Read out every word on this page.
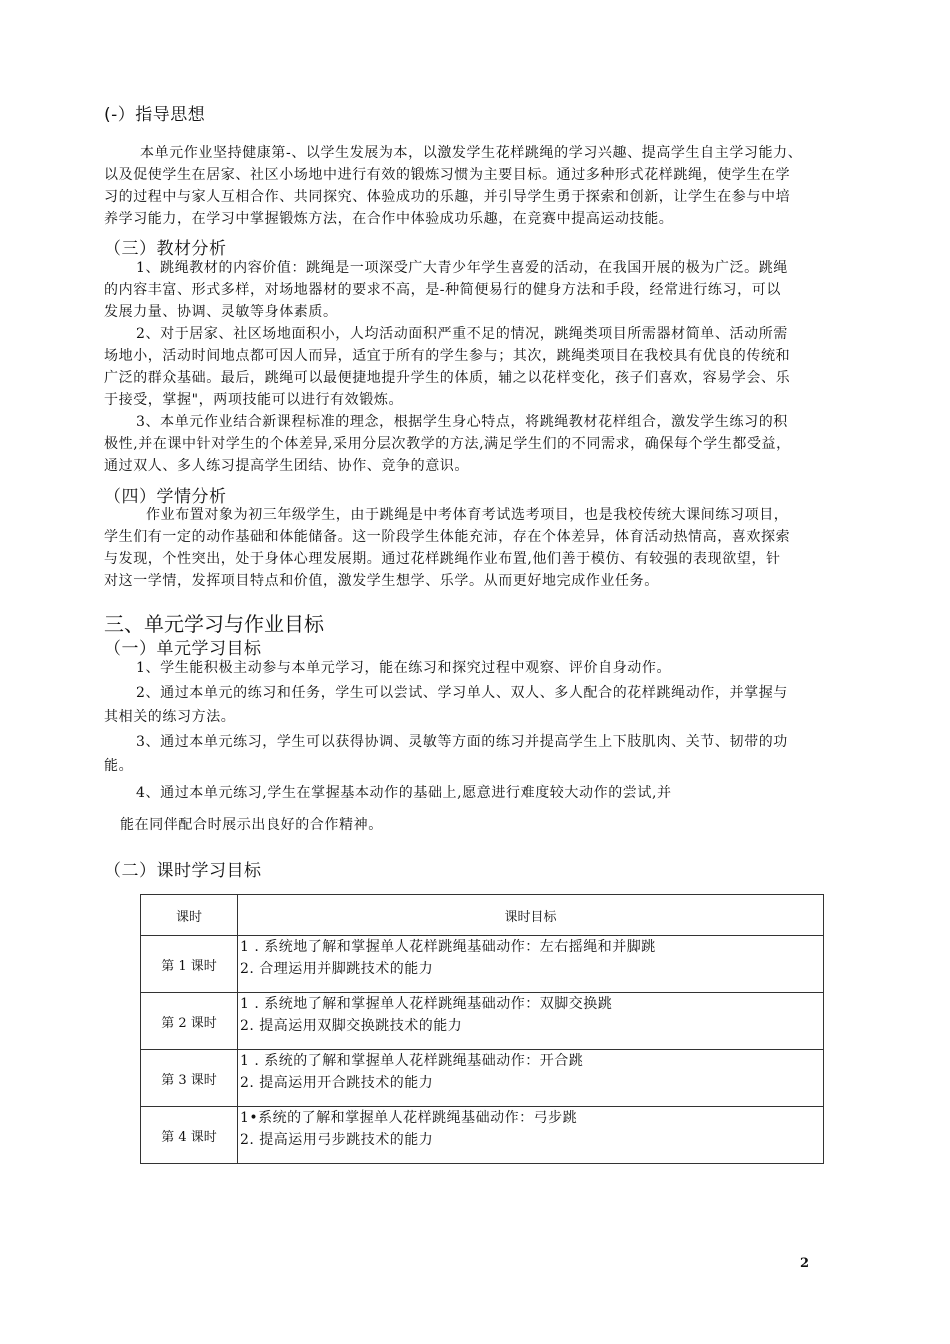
(-）指导思想
本单元作业坚持健康第-、以学生发展为本，以激发学生花样跳绳的学习兴趣、提高学生自主学习能力、
以及促使学生在居家、社区小场地中进行有效的锻炼习惯为主要目标。通过多种形式花样跳绳，使学生在学
习的过程中与家人互相合作、共同探究、体验成功的乐趣，并引导学生勇于探索和创新，让学生在参与中培
养学习能力，在学习中掌握锻炼方法，在合作中体验成功乐趣，在竞赛中提高运动技能。
（三）教材分析
1、跳绳教材的内容价值：跳绳是一项深受广大青少年学生喜爱的活动，在我国开展的极为广泛。跳绳
的内容丰富、形式多样，对场地器材的要求不高，是-种简便易行的健身方法和手段，经常进行练习，可以
发展力量、协调、灵敏等身体素质。
2、对于居家、社区场地面积小，人均活动面积严重不足的情况，跳绳类项目所需器材简单、活动所需
场地小，活动时间地点都可因人而异，适宜于所有的学生参与；其次，跳绳类项目在我校具有优良的传统和
广泛的群众基础。最后，跳绳可以最便捷地提升学生的体质，辅之以花样变化，孩子们喜欢，容易学会、乐
于接受，掌握"，两项技能可以进行有效锻炼。
3、本单元作业结合新课程标准的理念，根据学生身心特点，将跳绳教材花样组合，激发学生练习的积
极性,并在课中针对学生的个体差异,采用分层次教学的方法,满足学生们的不同需求，确保每个学生都受益，
通过双人、多人练习提高学生团结、协作、竞争的意识。
（四）学情分析
作业布置对象为初三年级学生，由于跳绳是中考体育考试选考项目，也是我校传统大课间练习项目，
学生们有一定的动作基础和体能储备。这一阶段学生体能充沛，存在个体差异，体育活动热情高，喜欢探索
与发现，个性突出，处于身体心理发展期。通过花样跳绳作业布置,他们善于模仿、有较强的表现欲望，针
对这一学情，发挥项目特点和价值，激发学生想学、乐学。从而更好地完成作业任务。
三、单元学习与作业目标
（一）单元学习目标
1、学生能积极主动参与本单元学习，能在练习和探究过程中观察、评价自身动作。
2、通过本单元的练习和任务，学生可以尝试、学习单人、双人、多人配合的花样跳绳动作，并掌握与
其相关的练习方法。
3、通过本单元练习，学生可以获得协调、灵敏等方面的练习并提高学生上下肢肌肉、关节、韧带的功
能。
4、通过本单元练习,学生在掌握基本动作的基础上,愿意进行难度较大动作的尝试,并
能在同伴配合时展示出良好的合作精神。
（二）课时学习目标
课时	课时目标
第 1 课时	1 . 系统地了解和掌握单人花样跳绳基础动作：左右摇绳和并脚跳
2. 合理运用并脚跳技术的能力

第 2 课时	1 . 系统地了解和掌握单人花样跳绳基础动作：双脚交换跳
2. 提高运用双脚交换跳技术的能力

第 3 课时	1 . 系统的了解和掌握单人花样跳绳基础动作：开合跳
2. 提高运用开合跳技术的能力

第 4 课时	1•系统的了解和掌握单人花样跳绳基础动作：弓步跳
2. 提高运用弓步跳技术的能力
2
